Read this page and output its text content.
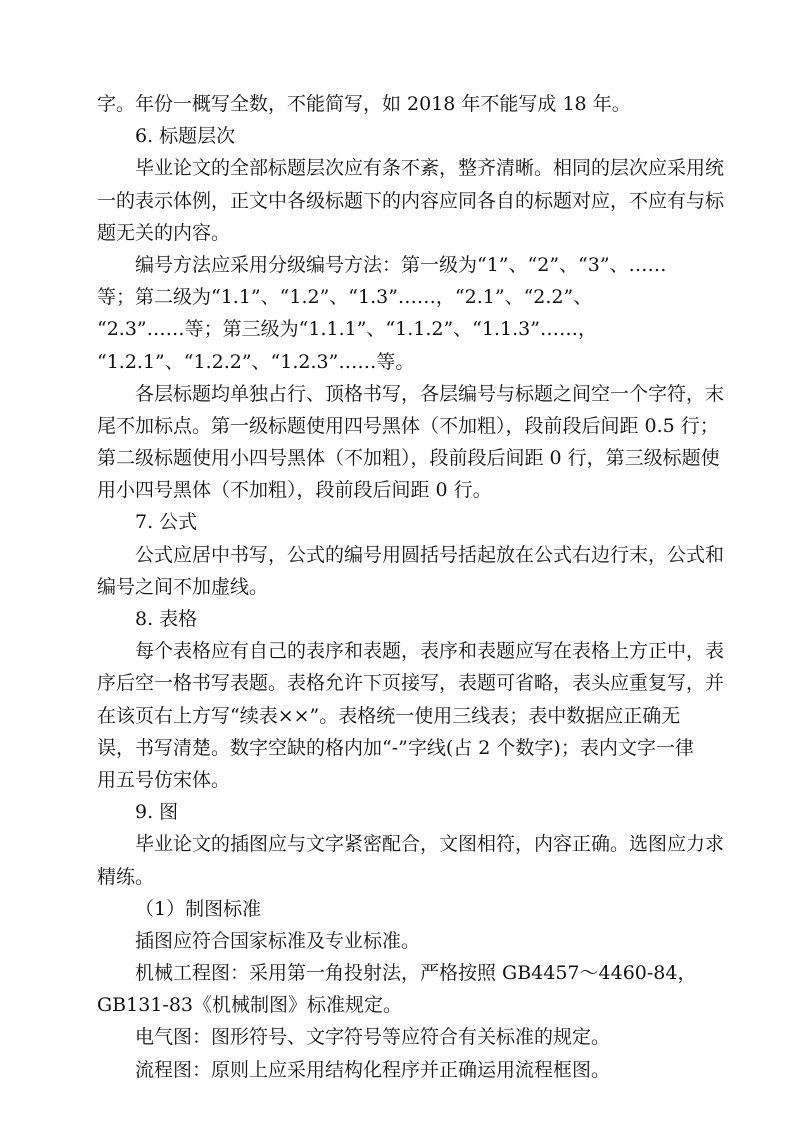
字。年份一概写全数，不能简写，如 2018 年不能写成 18 年。
6. 标题层次
毕业论文的全部标题层次应有条不紊，整齐清晰。相同的层次应采用统
一的表示体例，正文中各级标题下的内容应同各自的标题对应，不应有与标
题无关的内容。
编号方法应采用分级编号方法：第一级为“1”、“2”、“3”、……
等；第二级为“1.1”、“1.2”、“1.3”……，“2.1”、“2.2”、
“2.3”……等；第三级为“1.1.1”、“1.1.2”、“1.1.3”……，
“1.2.1”、“1.2.2”、“1.2.3”……等。
各层标题均单独占行、顶格书写，各层编号与标题之间空一个字符，末
尾不加标点。第一级标题使用四号黑体（不加粗），段前段后间距 0.5 行；
第二级标题使用小四号黑体（不加粗），段前段后间距 0 行，第三级标题使
用小四号黑体（不加粗），段前段后间距 0 行。
7. 公式
公式应居中书写，公式的编号用圆括号括起放在公式右边行末，公式和
编号之间不加虚线。
8. 表格
每个表格应有自己的表序和表题，表序和表题应写在表格上方正中，表
序后空一格书写表题。表格允许下页接写，表题可省略，表头应重复写，并
在该页右上方写“续表××”。表格统一使用三线表；表中数据应正确无
误，书写清楚。数字空缺的格内加“-”字线(占 2 个数字)；表内文字一律
用五号仿宋体。
9. 图
毕业论文的插图应与文字紧密配合，文图相符，内容正确。选图应力求
精练。
（1）制图标准
插图应符合国家标准及专业标准。
机械工程图：采用第一角投射法，严格按照 GB4457～4460-84，
GB131-83《机械制图》标准规定。
电气图：图形符号、文字符号等应符合有关标准的规定。
流程图：原则上应采用结构化程序并正确运用流程框图。
